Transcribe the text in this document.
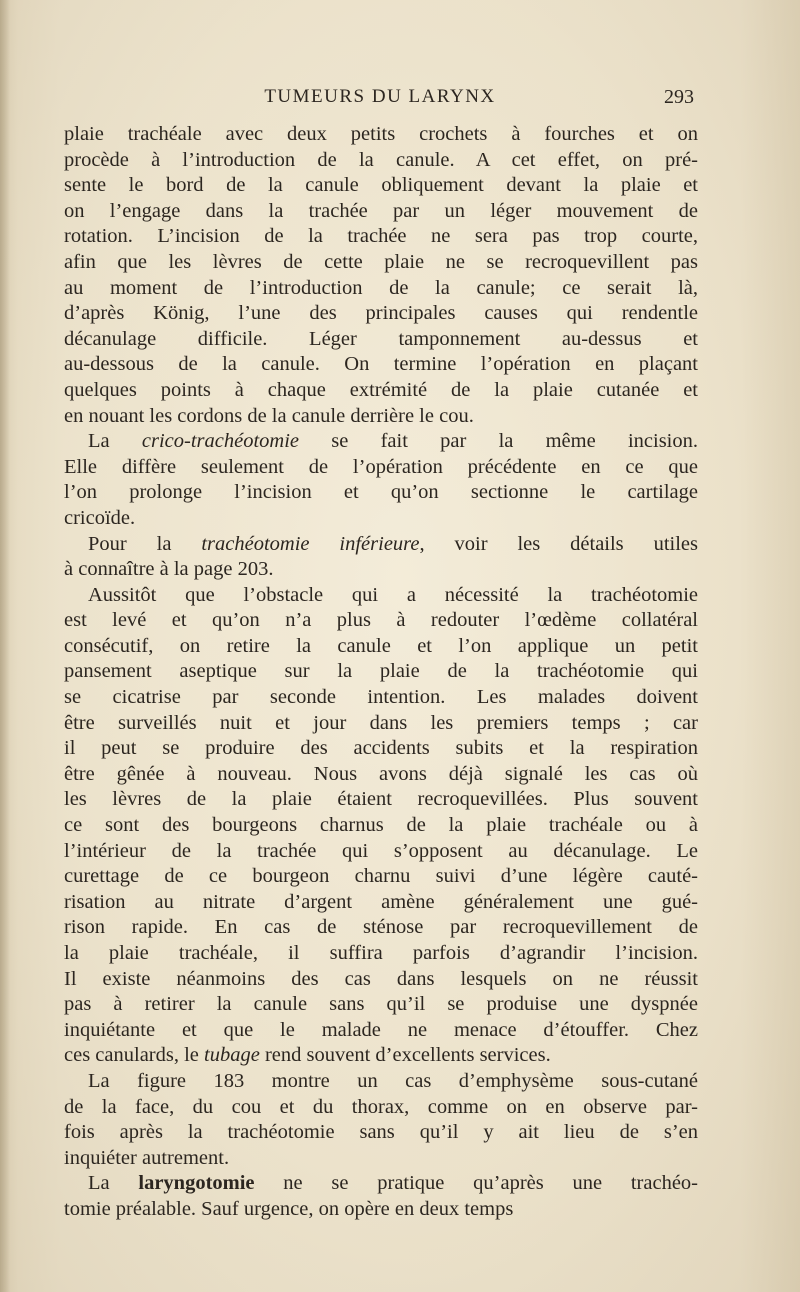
TUMEURS DU LARYNX	293
plaie trachéale avec deux petits crochets à fourches et on
procède à l’introduction de la canule. A cet effet, on pré-
sente le bord de la canule obliquement devant la plaie et
on l’engage dans la trachée par un léger mouvement de
rotation. L’incision de la trachée ne sera pas trop courte,
afin que les lèvres de cette plaie ne se recroquevillent pas
au moment de l’introduction de la canule; ce serait là,
d’après König, l’une des principales causes qui rendentle
décanulage difficile. Léger tamponnement au-dessus et
au-dessous de la canule. On termine l’opération en plaçant
quelques points à chaque extrémité de la plaie cutanée et
en nouant les cordons de la canule derrière le cou.
La crico-trachéotomie se fait par la même incision.
Elle diffère seulement de l’opération précédente en ce que
l’on prolonge l’incision et qu’on sectionne le cartilage
cricoïde.
Pour la trachéotomie inférieure, voir les détails utiles
à connaître à la page 203.
Aussitôt que l’obstacle qui a nécessité la trachéotomie
est levé et qu’on n’a plus à redouter l’œdème collatéral
consécutif, on retire la canule et l’on applique un petit
pansement aseptique sur la plaie de la trachéotomie qui
se cicatrise par seconde intention. Les malades doivent
être surveillés nuit et jour dans les premiers temps ; car
il peut se produire des accidents subits et la respiration
être gênée à nouveau. Nous avons déjà signalé les cas où
les lèvres de la plaie étaient recroquevillées. Plus souvent
ce sont des bourgeons charnus de la plaie trachéale ou à
l’intérieur de la trachée qui s’opposent au décanulage. Le
curettage de ce bourgeon charnu suivi d’une légère cauté-
risation au nitrate d’argent amène généralement une gué-
rison rapide. En cas de sténose par recroquevillement de
la plaie trachéale, il suffira parfois d’agrandir l’incision.
Il existe néanmoins des cas dans lesquels on ne réussit
pas à retirer la canule sans qu’il se produise une dyspnée
inquiétante et que le malade ne menace d’étouffer. Chez
ces canulards, le tubage rend souvent d’excellents services.
La figure 183 montre un cas d’emphysème sous-cutané
de la face, du cou et du thorax, comme on en observe par-
fois après la trachéotomie sans qu’il y ait lieu de s’en
inquiéter autrement.
La laryngotomie ne se pratique qu’après une trachéo-
tomie préalable. Sauf urgence, on opère en deux temps
